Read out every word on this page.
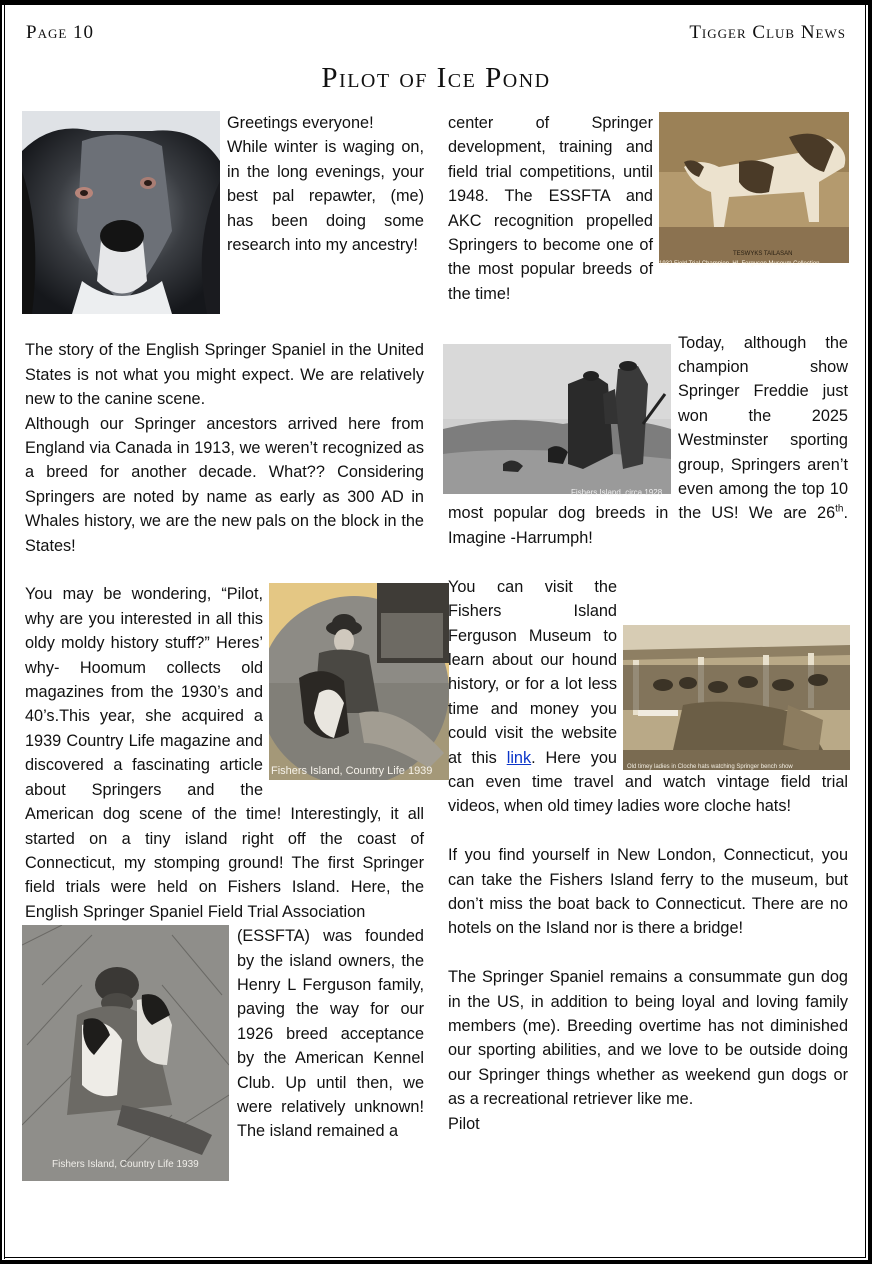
Page 10	Tigger Club News
Pilot of Ice Pond

Greetings everyone!

While winter is waging on, in the long evenings, your best pal repawter, (me) has been doing some research into my ancestry!

The story of the English Springer Spaniel in the United States is not what you might expect. We are relatively new to the canine scene.

Although our Springer ancestors arrived here from England via Canada in 1913, we weren’t recognized as a breed for another decade. What?? Considering Springers are noted by name as early as 300 AD in Whales history, we are the new pals on the block in the States!

Fishers Island, Country Life 1939

You may be wondering, “Pilot, why are you interested in all this oldy moldy history stuff?” Heres’ why- Hoomum collects old magazines from the 1930’s and 40’s.This year, she acquired a 1939 Country Life magazine and discovered a fascinating article about Springers and the American dog scene of the time! Interestingly, it all started on a tiny island right off the coast of Connecticut, my stomping ground! The first Springer field trials were held on Fishers Island. Here, the English Springer Spaniel Field Trial Association

Fishers Island, Country Life 1939

(ESSFTA) was founded by the island owners, the Henry L Ferguson family, paving the way for our 1926 breed acceptance by the American Kennel Club. Up until then, we were relatively unknown! The island remained a

TESWYKS TAILASAN
1932 Field Trial Champion, HL Ferguson Museum Collection

center of Springer development, training and field trial competitions, until 1948. The ESSFTA and AKC recognition propelled Springers to become one of the most popular breeds of the time!

Fishers Island, circa 1928
Today, although the champion show Springer Freddie just won the 2025 Westminster sporting group, Springers aren’t even among the top 10 most popular dog breeds in the US! We are 26th. Imagine -Harrumph!

Old timey ladies in Cloche hats watching Springer bench show
You can visit the Fishers Island Ferguson Museum to learn about our hound history, or for a lot less time and money you could visit the website at this link. Here you can even time travel and watch vintage field trial videos, when old timey ladies wore cloche hats!

If you find yourself in New London, Connecticut, you can take the Fishers Island ferry to the museum, but don’t miss the boat back to Connecticut. There are no hotels on the Island nor is there a bridge!

The Springer Spaniel remains a consummate gun dog in the US, in addition to being loyal and loving family members (me). Breeding overtime has not diminished our sporting abilities, and we love to be outside doing our Springer things whether as weekend gun dogs or as a recreational retriever like me.

Pilot
